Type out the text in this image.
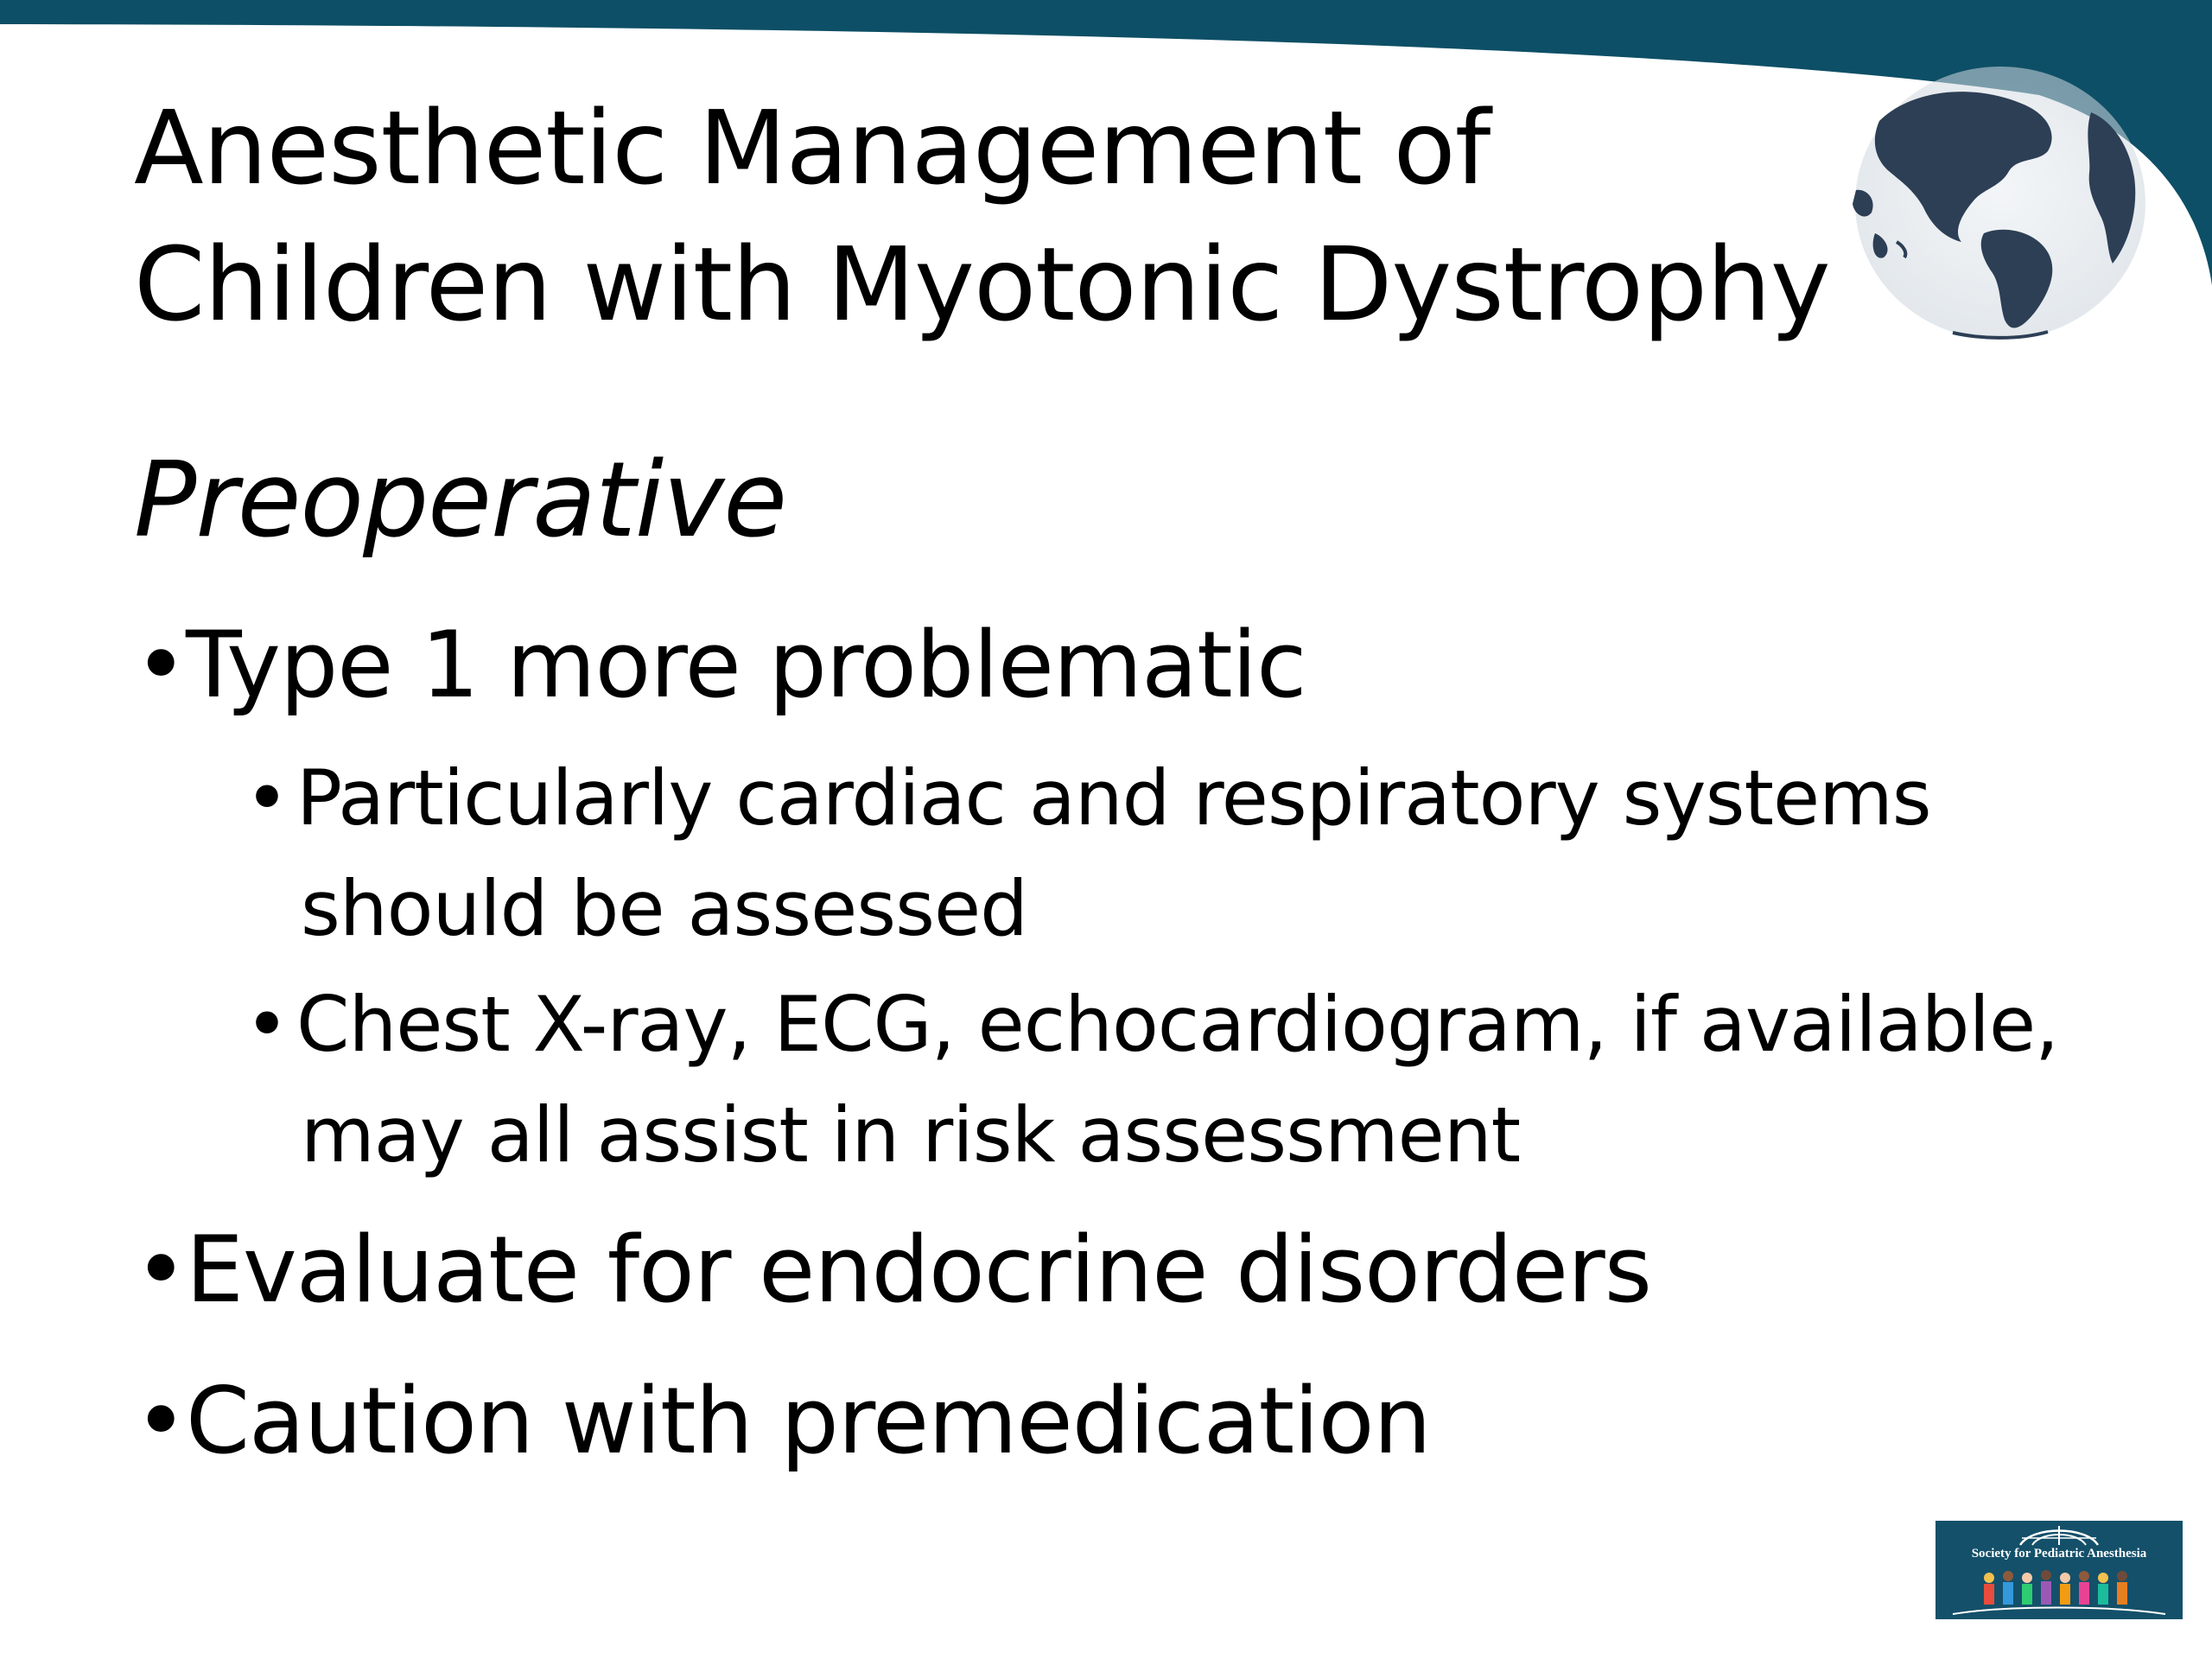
Anesthetic Management of
Children with Myotonic Dystrophy
Preoperative
•Type 1 more problematic
• Particularly cardiac and respiratory systems
should be assessed
• Chest X-ray, ECG, echocardiogram, if available,
may all assist in risk assessment
•Evaluate for endocrine disorders
•Caution with premedication
Society for Pediatric Anesthesia
